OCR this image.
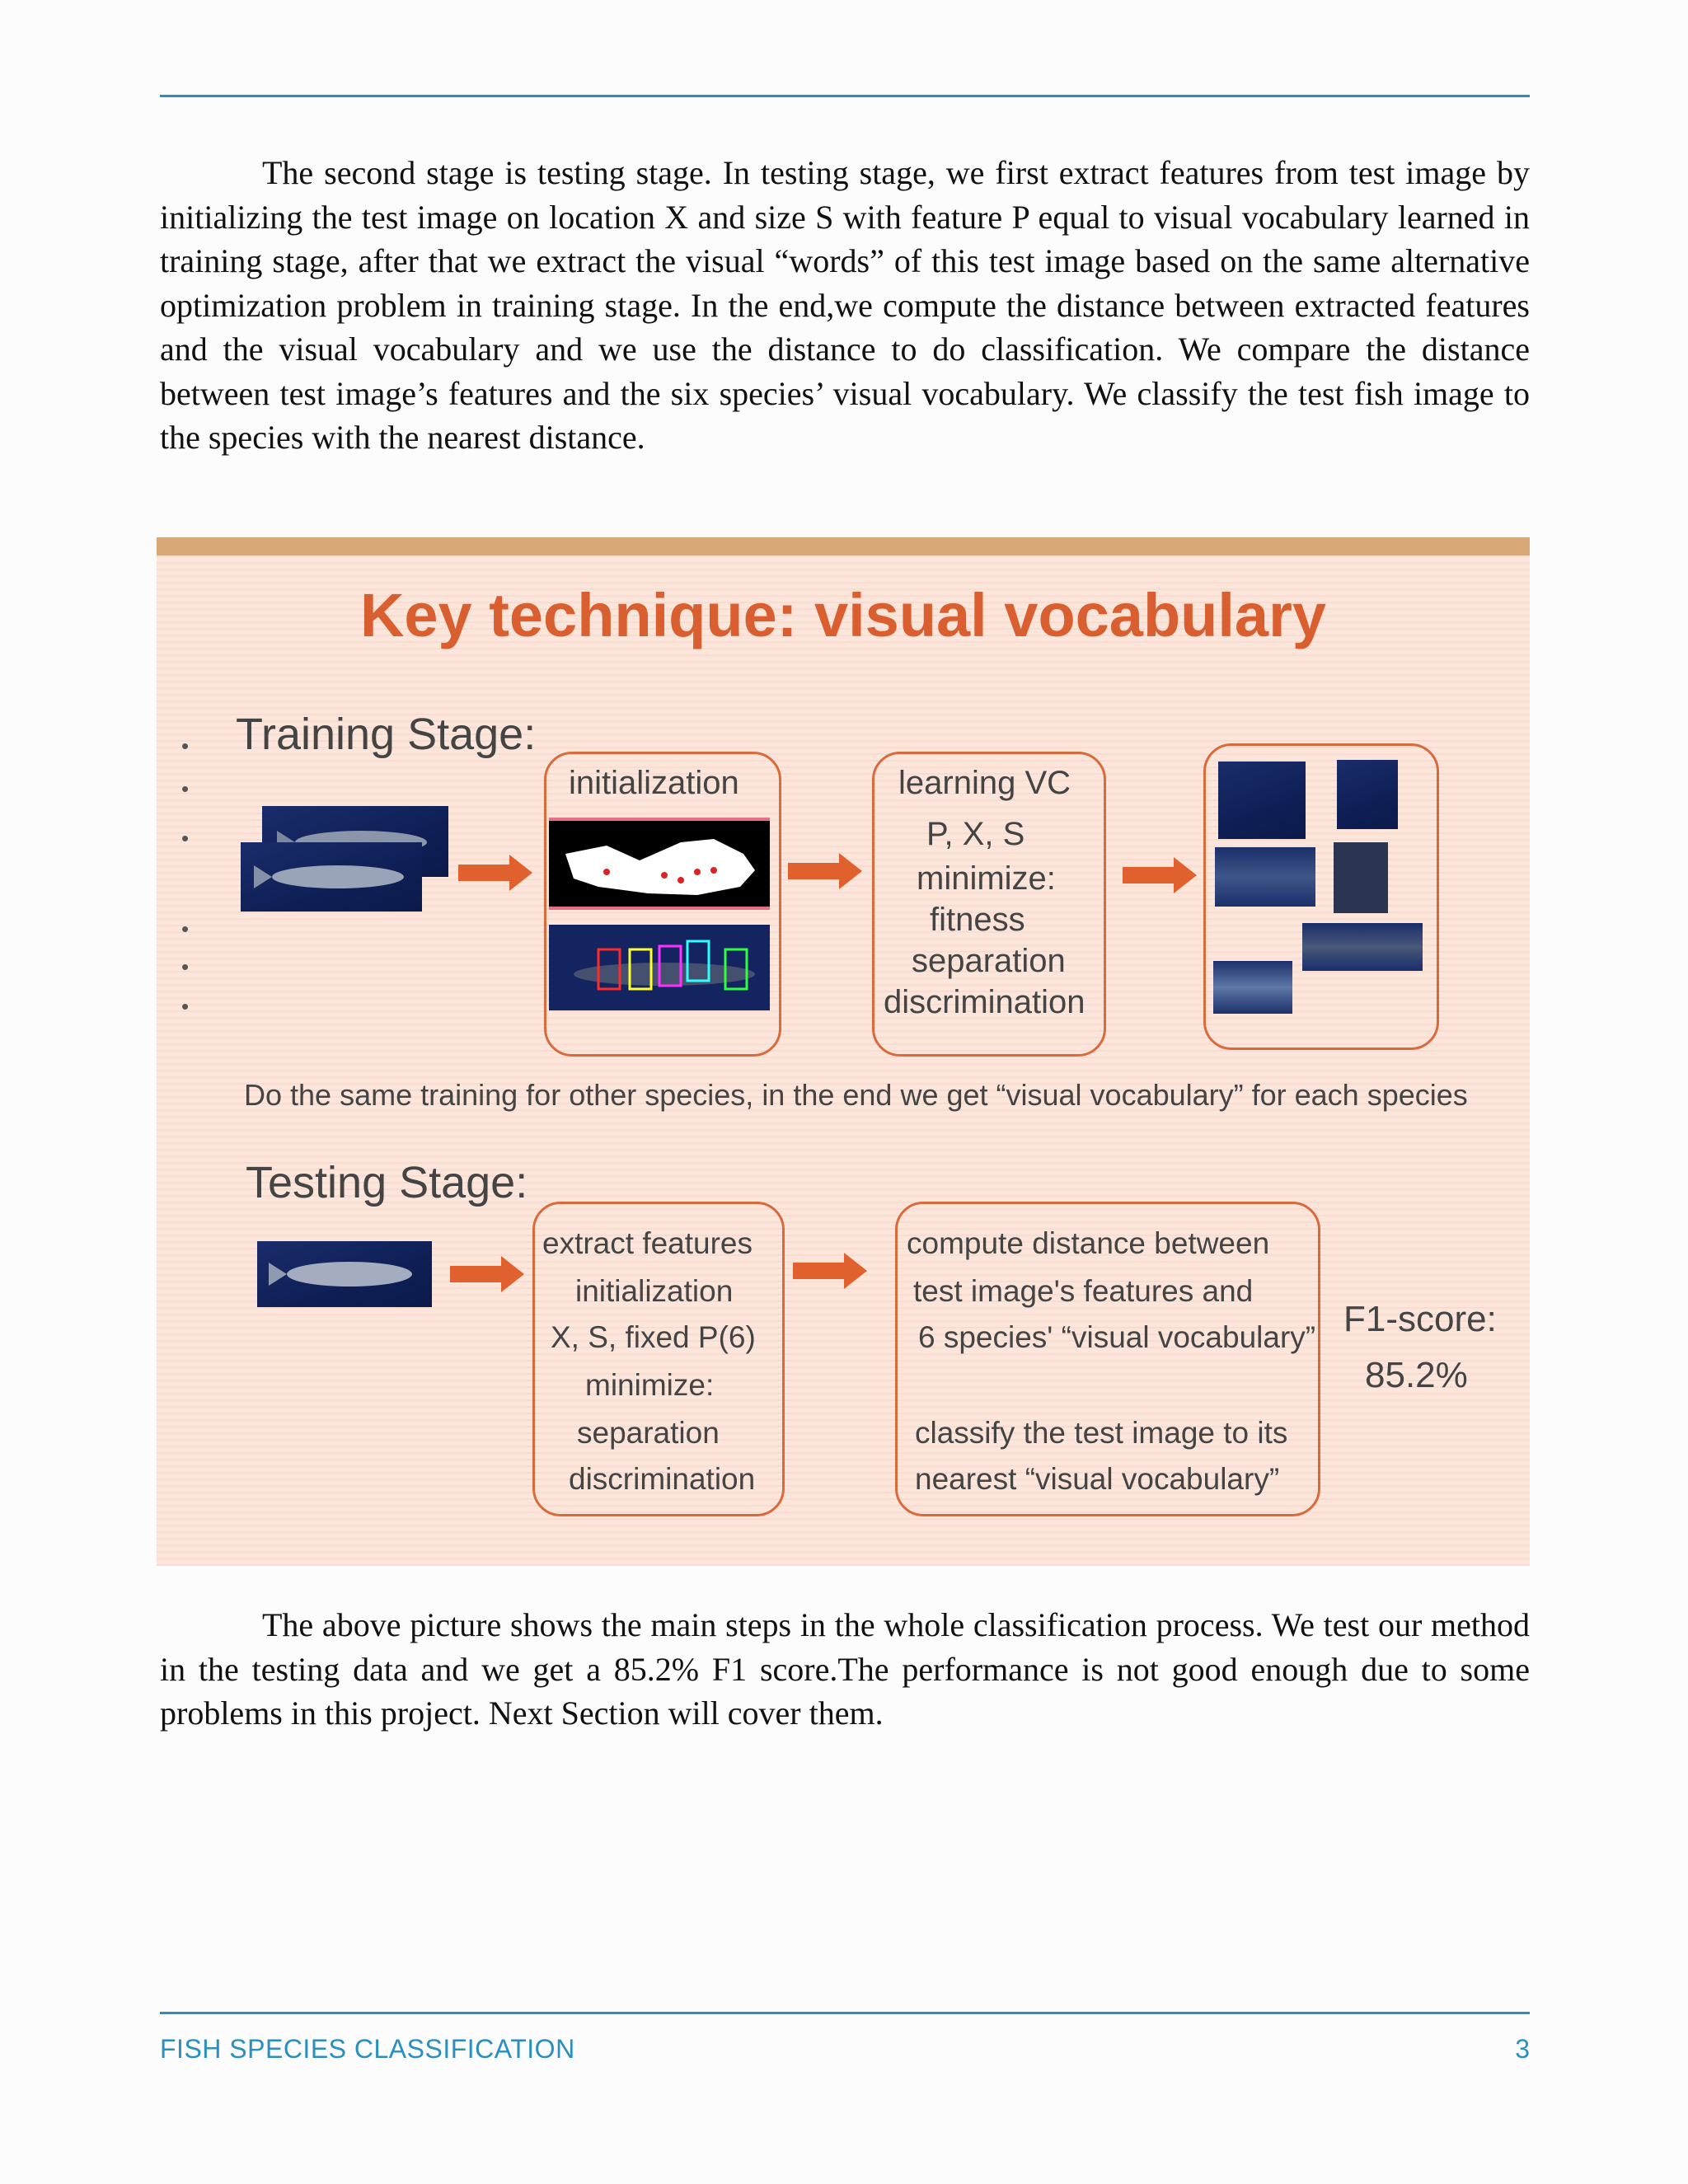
The second stage is testing stage. In testing stage, we first extract features from test image by initializing the test image on location X and size S with feature P equal to visual vocabulary learned in training stage, after that we extract the visual “words” of this test image based on the same alternative optimization problem in training stage. In the end,we compute the distance between extracted features and the visual vocabulary and we use the distance to do classification. We compare the distance between test image’s features and the six species’ visual vocabulary. We classify the test fish image to the species with the nearest distance.

Key technique: visual vocabulary
•
•
•
•
•
•
Training Stage:
initialization	learning VC
P, X, S
minimize:
fitness
separation
discrimination
Do the same training for other species, in the end we get “visual vocabulary” for each species
Testing Stage:
extract features
initialization
X, S, fixed P(6)
minimize:
separation
discrimination
compute distance between
test image's features and
6 species' “visual vocabulary”
classify the test image to its
nearest “visual vocabulary”
F1-score:
85.2%

The above picture shows the main steps in the whole classification process. We test our method in the testing data and we get a 85.2% F1 score.The performance is not good enough due to some problems in this project. Next Section will cover them.

FISH SPECIES CLASSIFICATION	3
